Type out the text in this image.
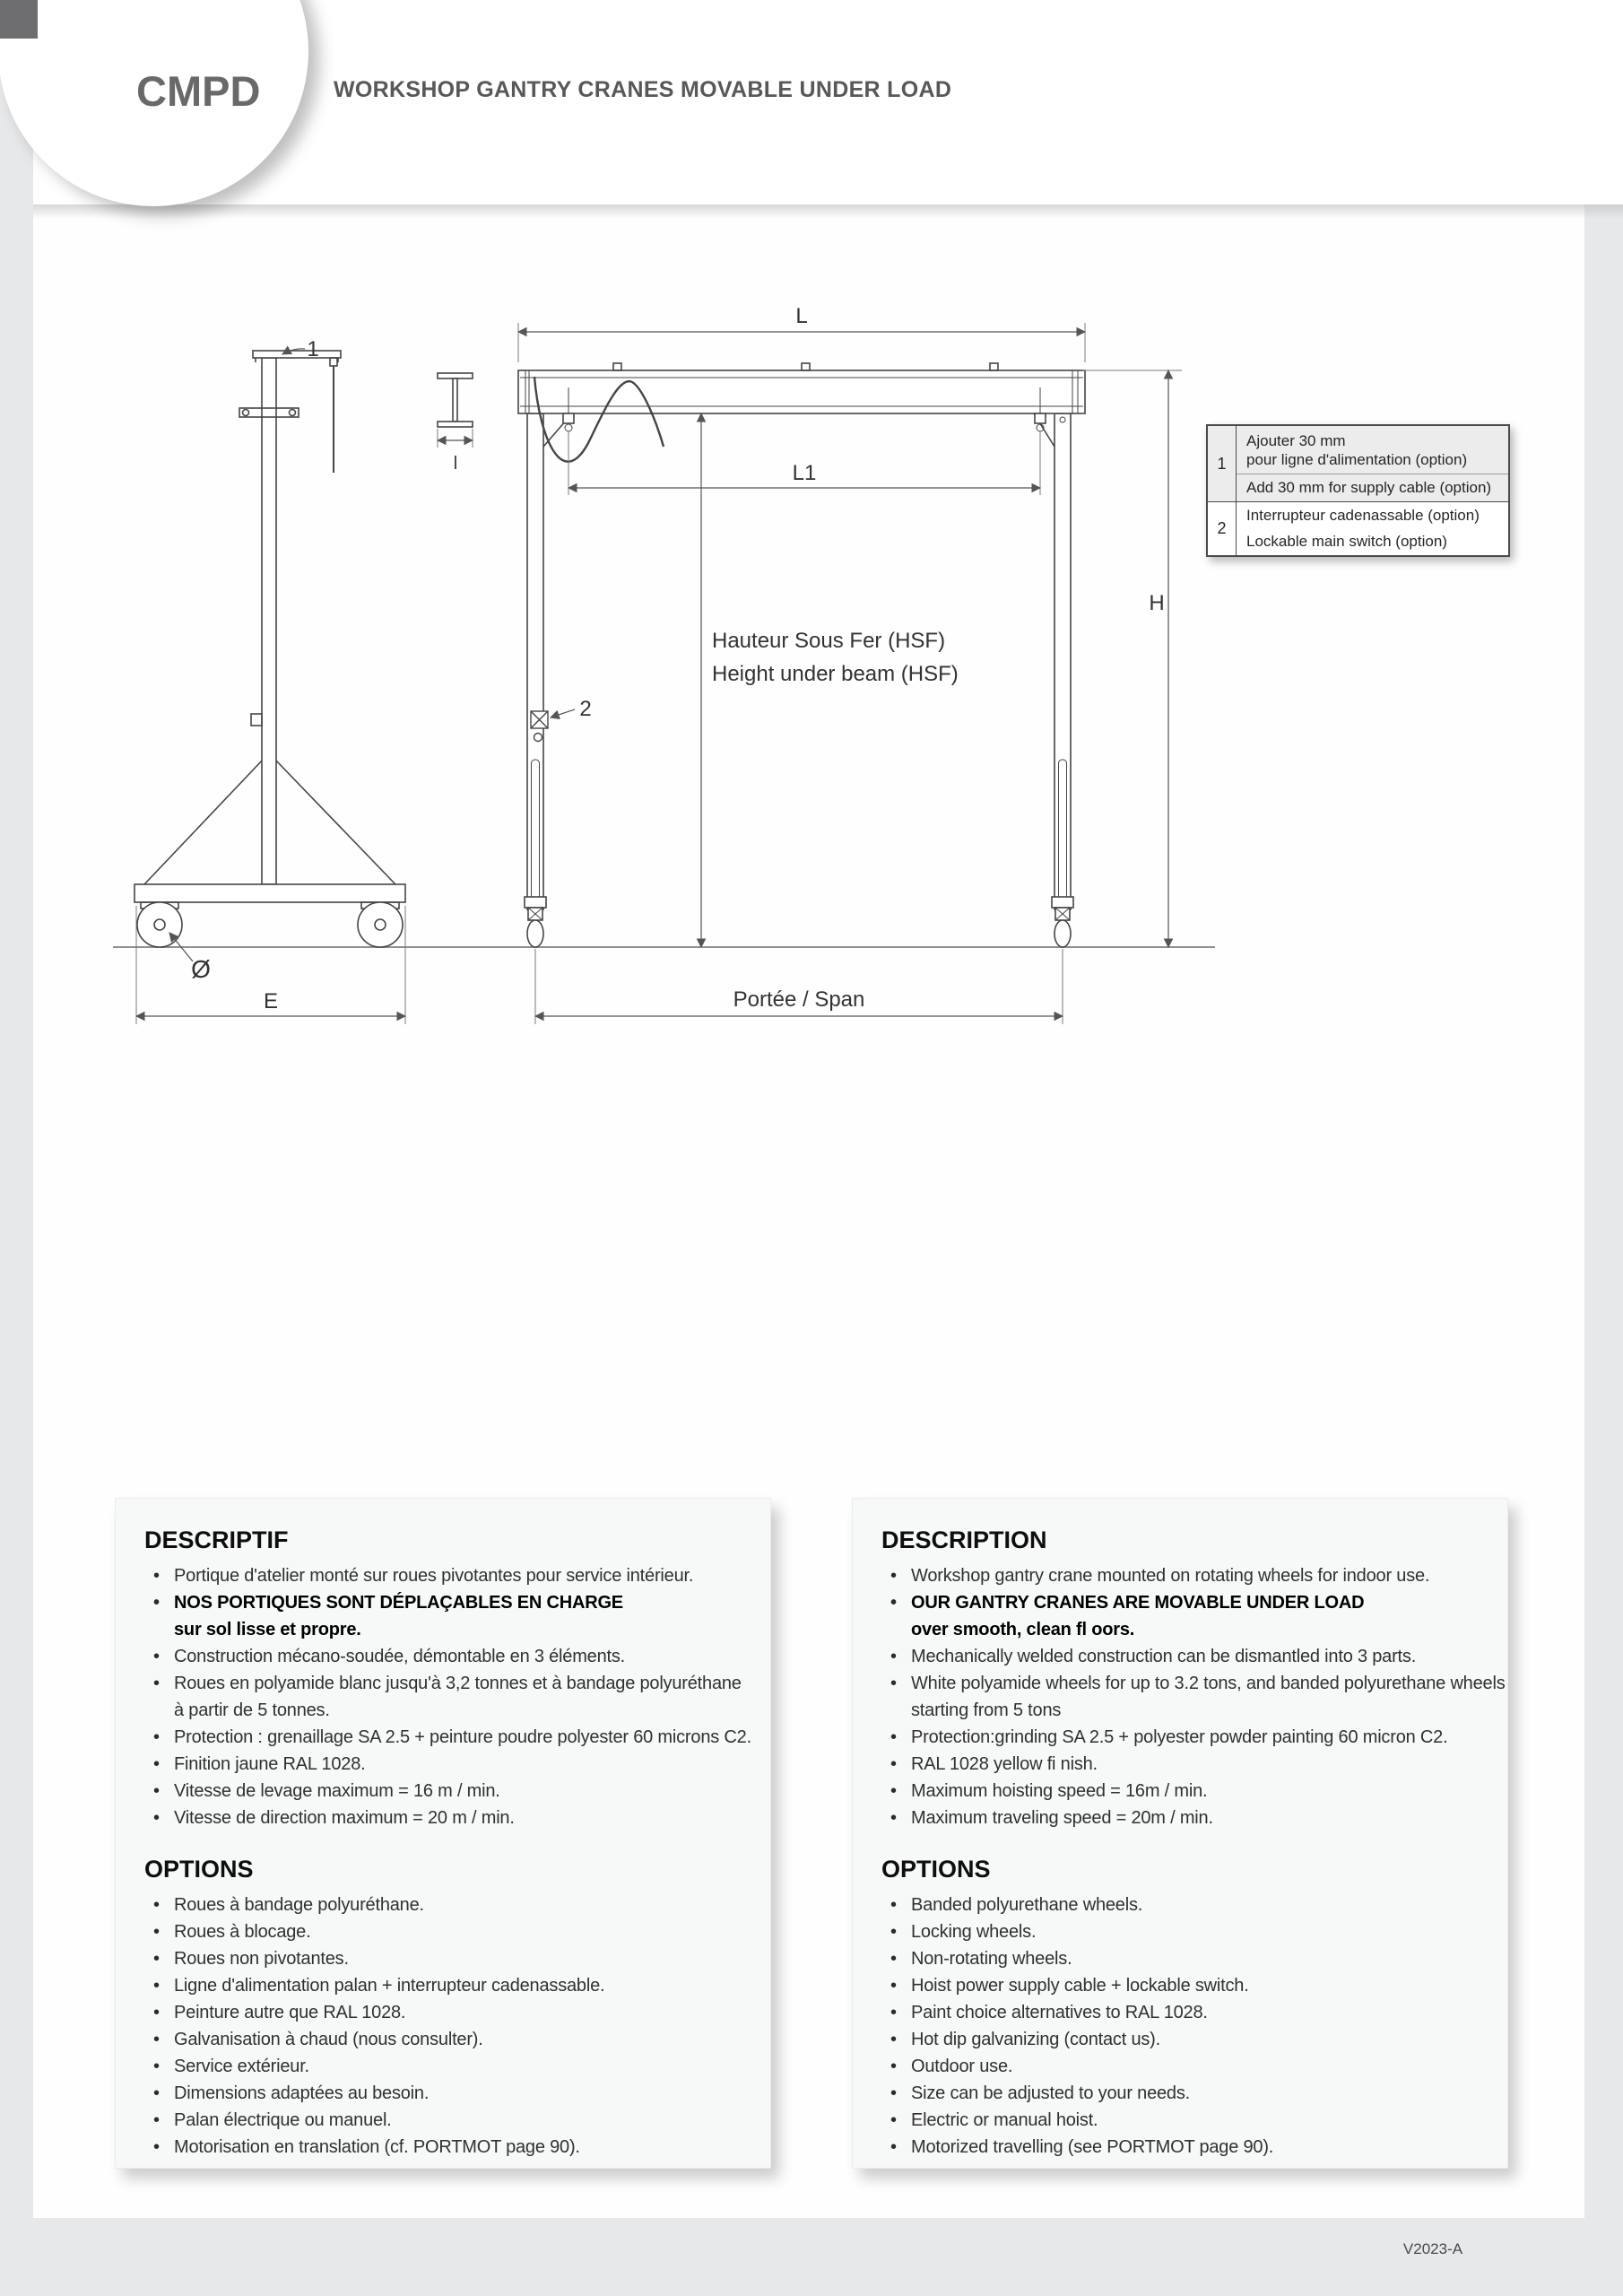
L
L1
H
E	Portée / Span
Ø
l
Hauteur Sous Fer (HSF)
Height under beam (HSF)
1
2
1
Ajouter 30 mm
pour ligne d'alimentation (option)
Add 30 mm for supply cable (option)
2
Interrupteur cadenassable (option)
Lockable main switch (option)
DESCRIPTIF
• Portique d'atelier monté sur roues pivotantes pour service intérieur.
• NOS PORTIQUES SONT DÉPLAÇABLES EN CHARGE
sur sol lisse et propre.
• Construction mécano-soudée, démontable en 3 éléments.
• Roues en polyamide blanc jusqu'à 3,2 tonnes et à bandage polyuréthane
à partir de 5 tonnes.
• Protection : grenaillage SA 2.5 + peinture poudre polyester 60 microns C2.
• Finition jaune RAL 1028.
• Vitesse de levage maximum = 16 m / min.
• Vitesse de direction maximum = 20 m / min.
OPTIONS
• Roues à bandage polyuréthane.
• Roues à blocage.
• Roues non pivotantes.
• Ligne d'alimentation palan + interrupteur cadenassable.
• Peinture autre que RAL 1028.
• Galvanisation à chaud (nous consulter).
• Service extérieur.
• Dimensions adaptées au besoin.
• Palan électrique ou manuel.
• Motorisation en translation (cf. PORTMOT page 90).
DESCRIPTION
• Workshop gantry crane mounted on rotating wheels for indoor use.
• OUR GANTRY CRANES ARE MOVABLE UNDER LOAD
over smooth, clean fl oors.
• Mechanically welded construction can be dismantled into 3 parts.
• White polyamide wheels for up to 3.2 tons, and banded polyurethane wheels
starting from 5 tons
• Protection:grinding SA 2.5 + polyester powder painting 60 micron C2.
• RAL 1028 yellow fi nish.
• Maximum hoisting speed = 16m / min.
• Maximum traveling speed = 20m / min.
OPTIONS
• Banded polyurethane wheels.
• Locking wheels.
• Non-rotating wheels.
• Hoist power supply cable + lockable switch.
• Paint choice alternatives to RAL 1028.
• Hot dip galvanizing (contact us).
• Outdoor use.
• Size can be adjusted to your needs.
• Electric or manual hoist.
• Motorized travelling (see PORTMOT page 90).
V2023-A
CMPD	WORKSHOP GANTRY CRANES MOVABLE UNDER LOAD
